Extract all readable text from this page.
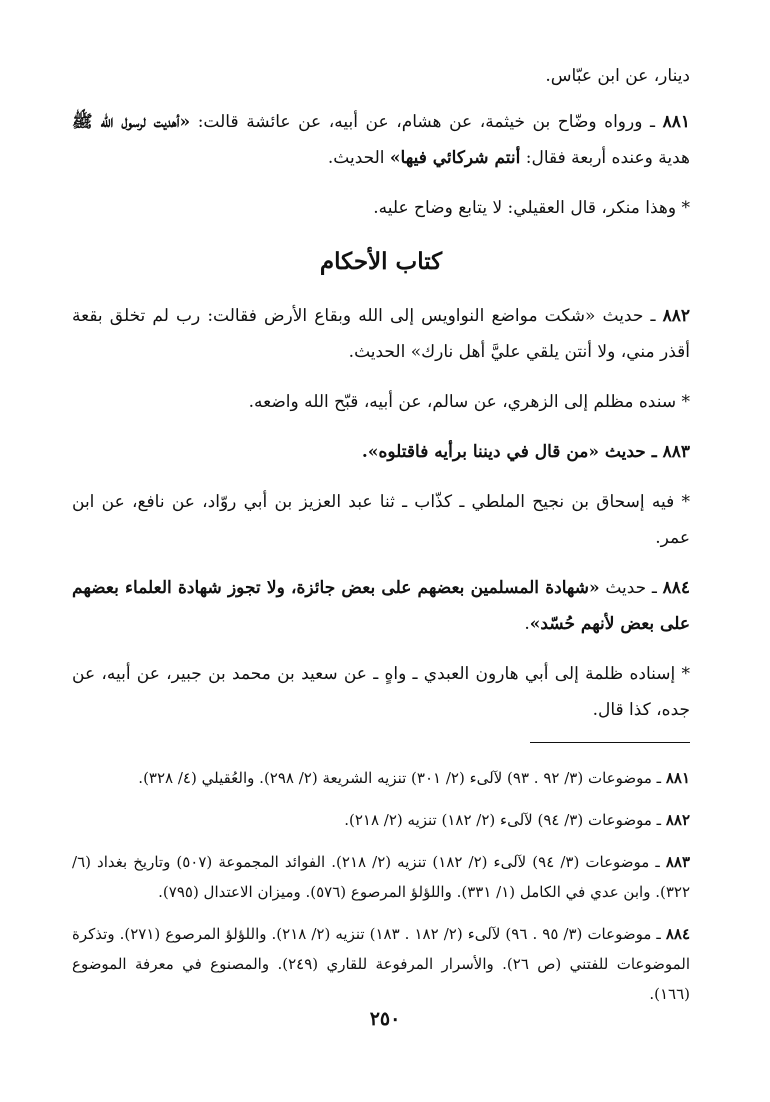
دينار، عن ابن عبّاس.

٨٨١ ـ ورواه وضّاح بن خيثمة، عن هشام، عن أبيه، عن عائشة قالت: «أهديت لرسول الله ﷺ هدية وعنده أربعة فقال: أنتم شركائي فيها» الحديث.

* وهذا منكر، قال العقيلي: لا يتابع وضاح عليه.

كتاب الأحكام

٨٨٢ ـ حديث «شكت مواضع النواويس إلى الله وبقاع الأرض فقالت: رب لم تخلق بقعة أقذر مني، ولا أنتن يلقي عليَّ أهل نارك» الحديث.

* سنده مظلم إلى الزهري، عن سالم، عن أبيه، قبّح الله واضعه.

٨٨٣ ـ حديث «من قال في ديننا برأيه فاقتلوه».

* فيه إسحاق بن نجيح الملطي ـ كذّاب ـ ثنا عبد العزيز بن أبي روّاد، عن نافع، عن ابن عمر.

٨٨٤ ـ حديث «شهادة المسلمين بعضهم على بعض جائزة، ولا تجوز شهادة العلماء بعضهم على بعض لأنهم حُسّد».

* إسناده ظلمة إلى أبي هارون العبدي ـ واهٍ ـ عن سعيد بن محمد بن جبير، عن أبيه، عن جده، كذا قال.

٨٨١ ـ موضوعات (٣/ ٩٢ . ٩٣) لآلىء (٢/ ٣٠١) تنزيه الشريعة (٢/ ٢٩٨). والعُقيلي (٤/ ٣٢٨).

٨٨٢ ـ موضوعات (٣/ ٩٤) لآلىء (٢/ ١٨٢) تنزيه (٢/ ٢١٨).

٨٨٣ ـ موضوعات (٣/ ٩٤) لآلىء (٢/ ١٨٢) تنزيه (٢/ ٢١٨). الفوائد المجموعة (٥٠٧) وتاريخ بغداد (٦/ ٣٢٢). وابن عدي في الكامل (١/ ٣٣١). واللؤلؤ المرصوع (٥٧٦). وميزان الاعتدال (٧٩٥).

٨٨٤ ـ موضوعات (٣/ ٩٥ . ٩٦) لآلىء (٢/ ١٨٢ . ١٨٣) تنزيه (٢/ ٢١٨). واللؤلؤ المرصوع (٢٧١). وتذكرة الموضوعات للفتني (ص ٢٦). والأسرار المرفوعة للقاري (٢٤٩). والمصنوع في معرفة الموضوع (١٦٦).

٢٥٠
